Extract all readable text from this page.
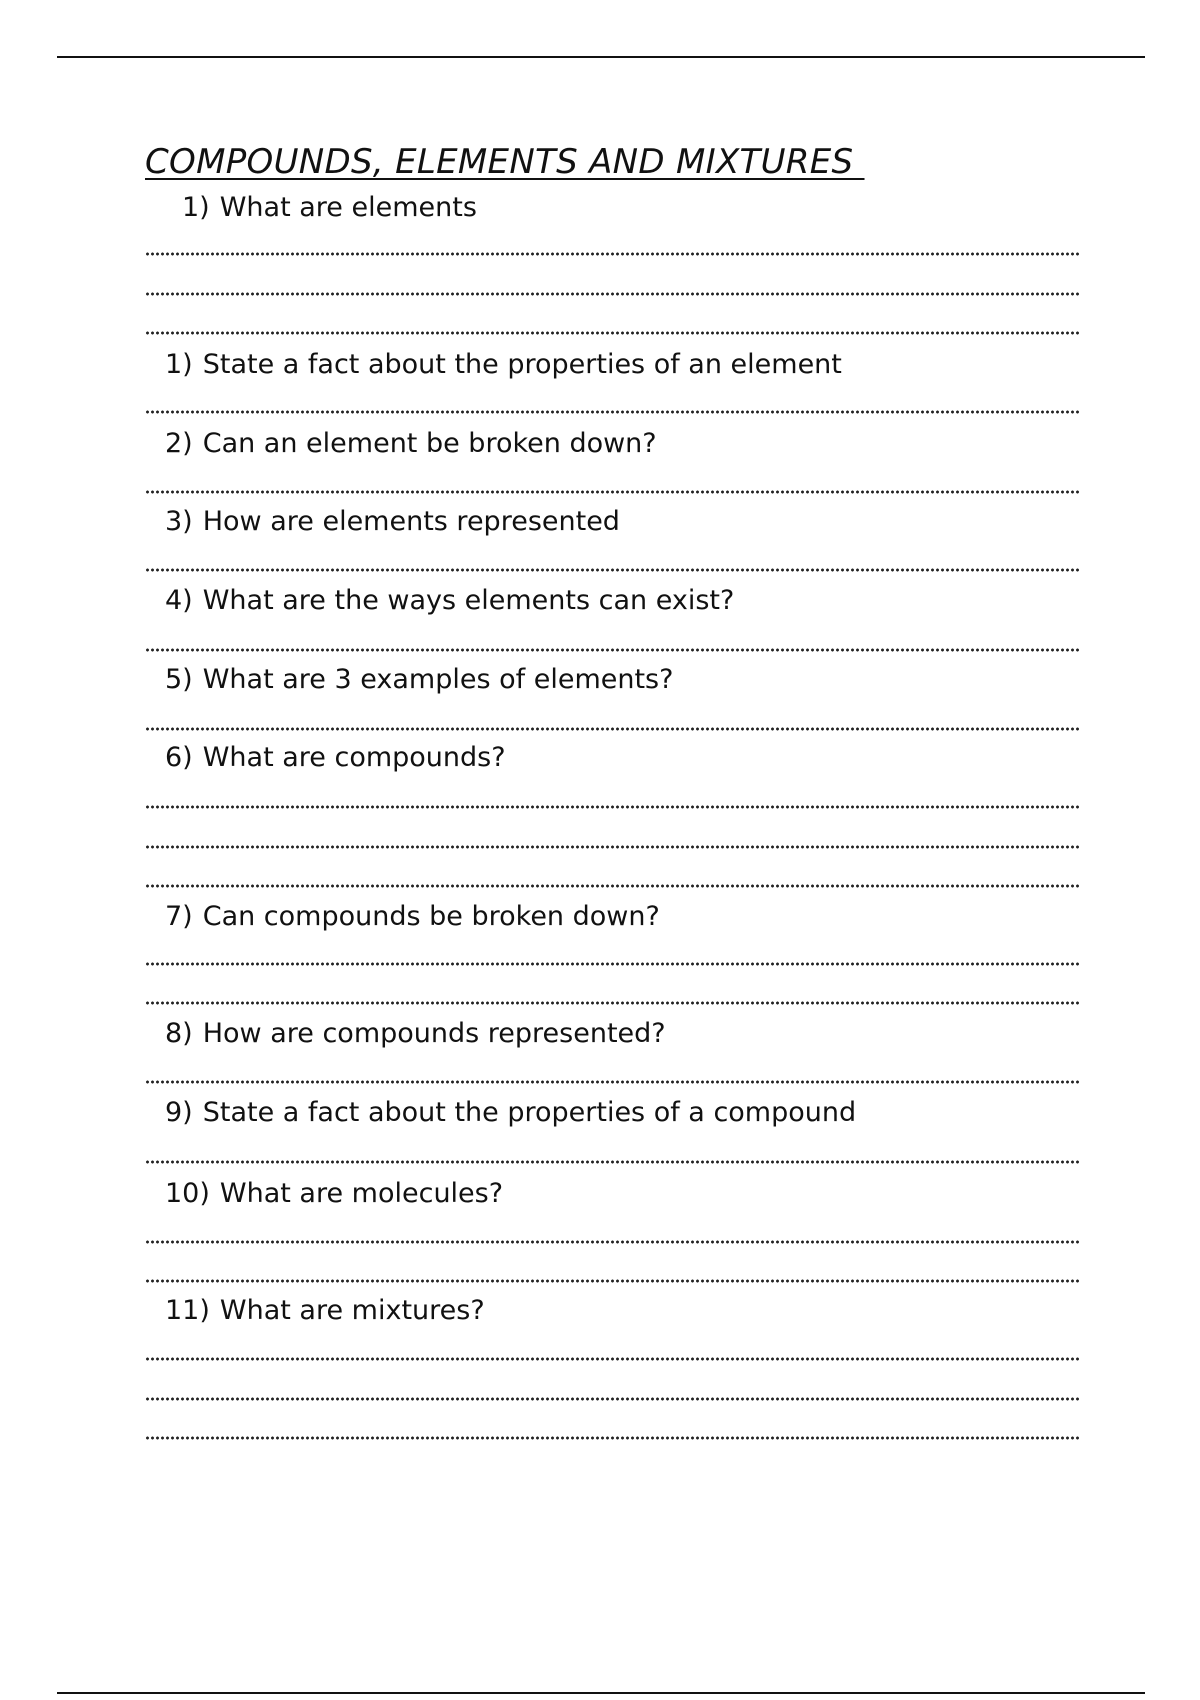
COMPOUNDS, ELEMENTS AND MIXTURES

1) What are elements

1) State a fact about the properties of an element

2) Can an element be broken down?

3) How are elements represented

4) What are the ways elements can exist?

5) What are 3 examples of elements?

6) What are compounds?

7) Can compounds be broken down?

8) How are compounds represented?

9) State a fact about the properties of a compound

10) What are molecules?

11) What are mixtures?
